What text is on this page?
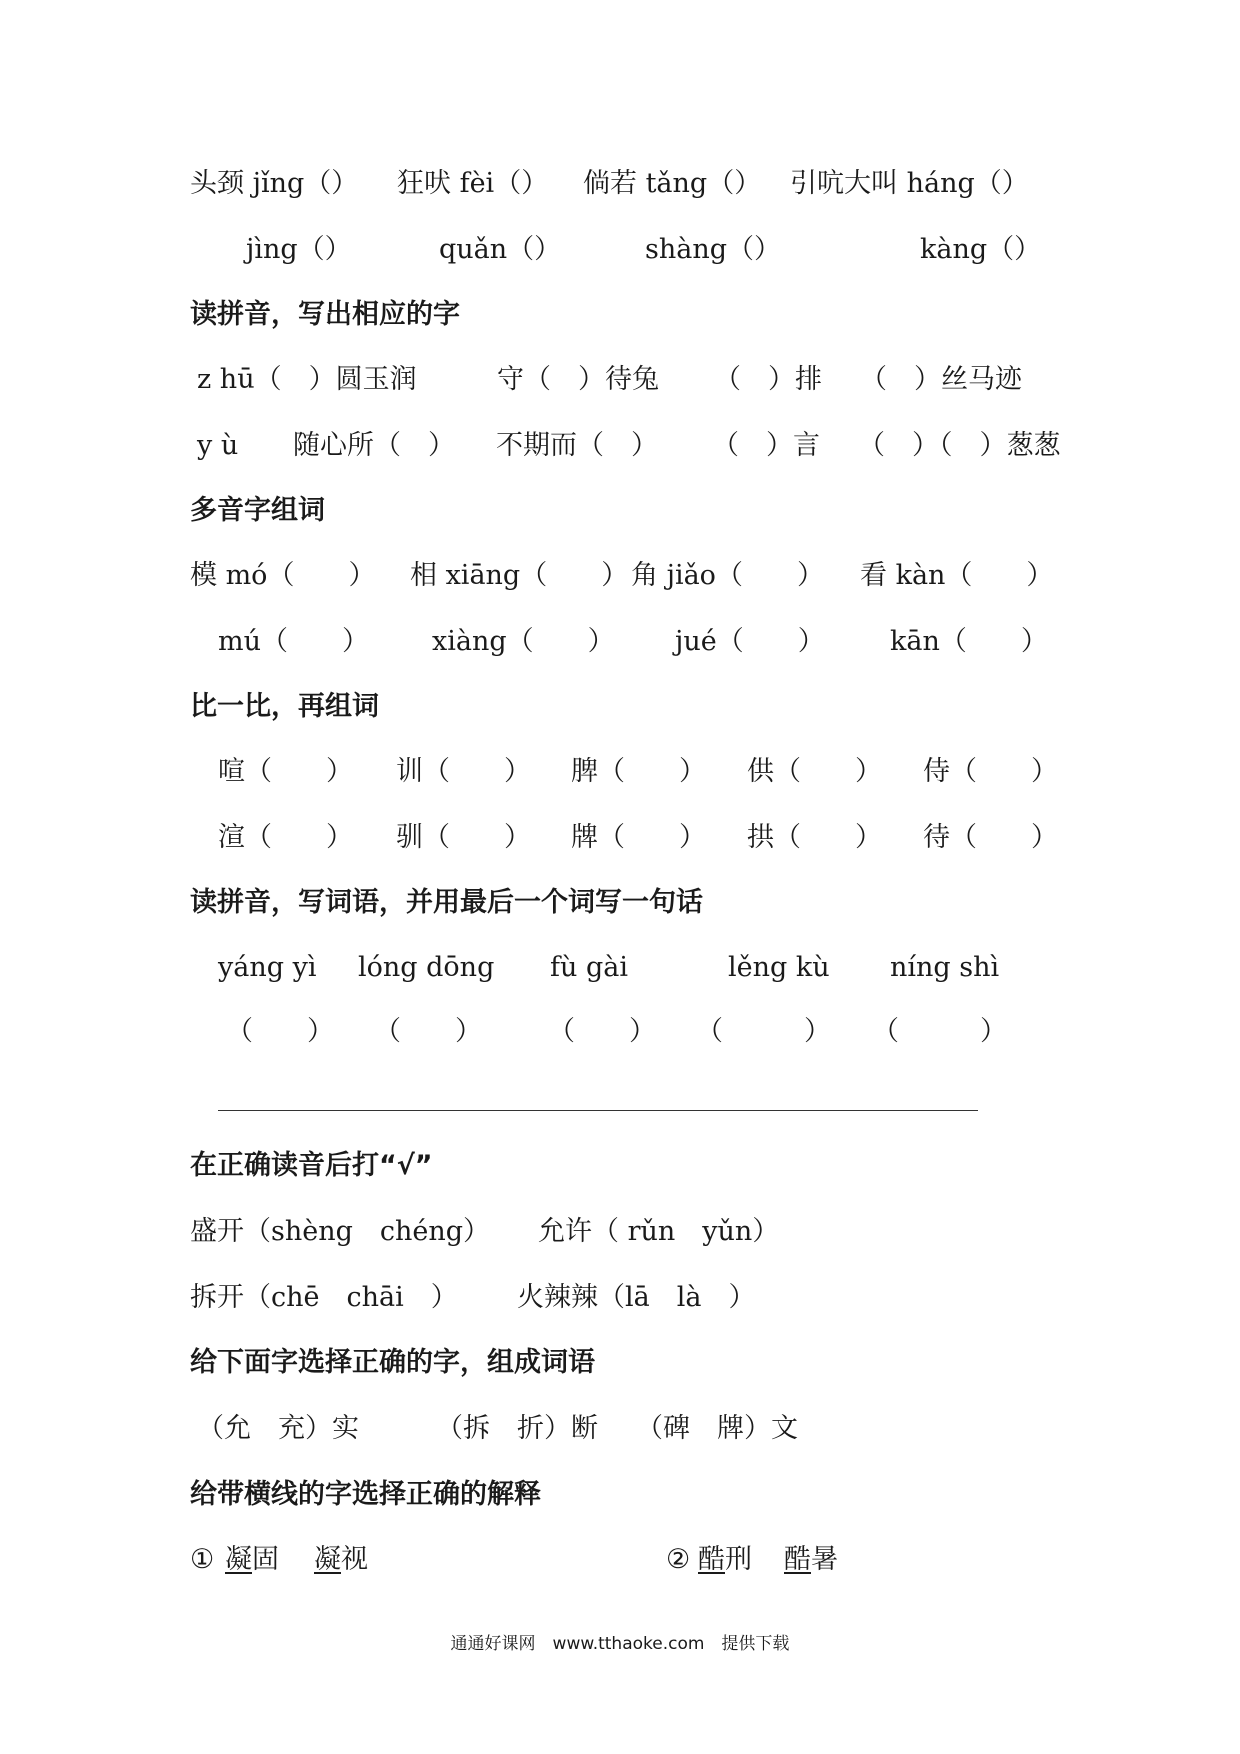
头颈 jǐng（） 狂吠 fèi（） 倘若 tǎng（） 引吭大叫 háng（）
jìng（）	quǎn（）	shàng（）	kàng（）
读拼音，写出相应的字
z hū（　）圆玉润	守（　）待兔 （　）排 （　）丝马迹
y ù 随心所（　） 不期而（　） （　）言 （　）（　）葱葱
多音字组词
模 mó（　　） 相 xiāng（　　） 角 jiǎo（　　） 看 kàn（　　）
mú（　　） xiàng（　　） jué（　　） kān（　　）
比一比，再组词
喧（　　） 训（　　） 脾（　　） 供（　　） 侍（　　）
渲（　　） 驯（　　） 牌（　　） 拱（　　） 待（　　）
读拼音，写词语，并用最后一个词写一句话
yáng yì lóng dōng fù gài	lěng kù níng shì
（　　） （　　） （　　） （　　　） （　　　）
在正确读音后打“√”
盛开（shèng　chéng） 允许（ rǔn　yǔn）
拆开（chē　chāi　） 火辣辣（lā　là　）
给下面字选择正确的字，组成词语
（允　充）实	（拆　折）断 （碑　牌）文
给带横线的字选择正确的解释
① 凝固 凝视	② 酷刑 酷暑
通通好课网　www.tthaoke.com　提供下载
